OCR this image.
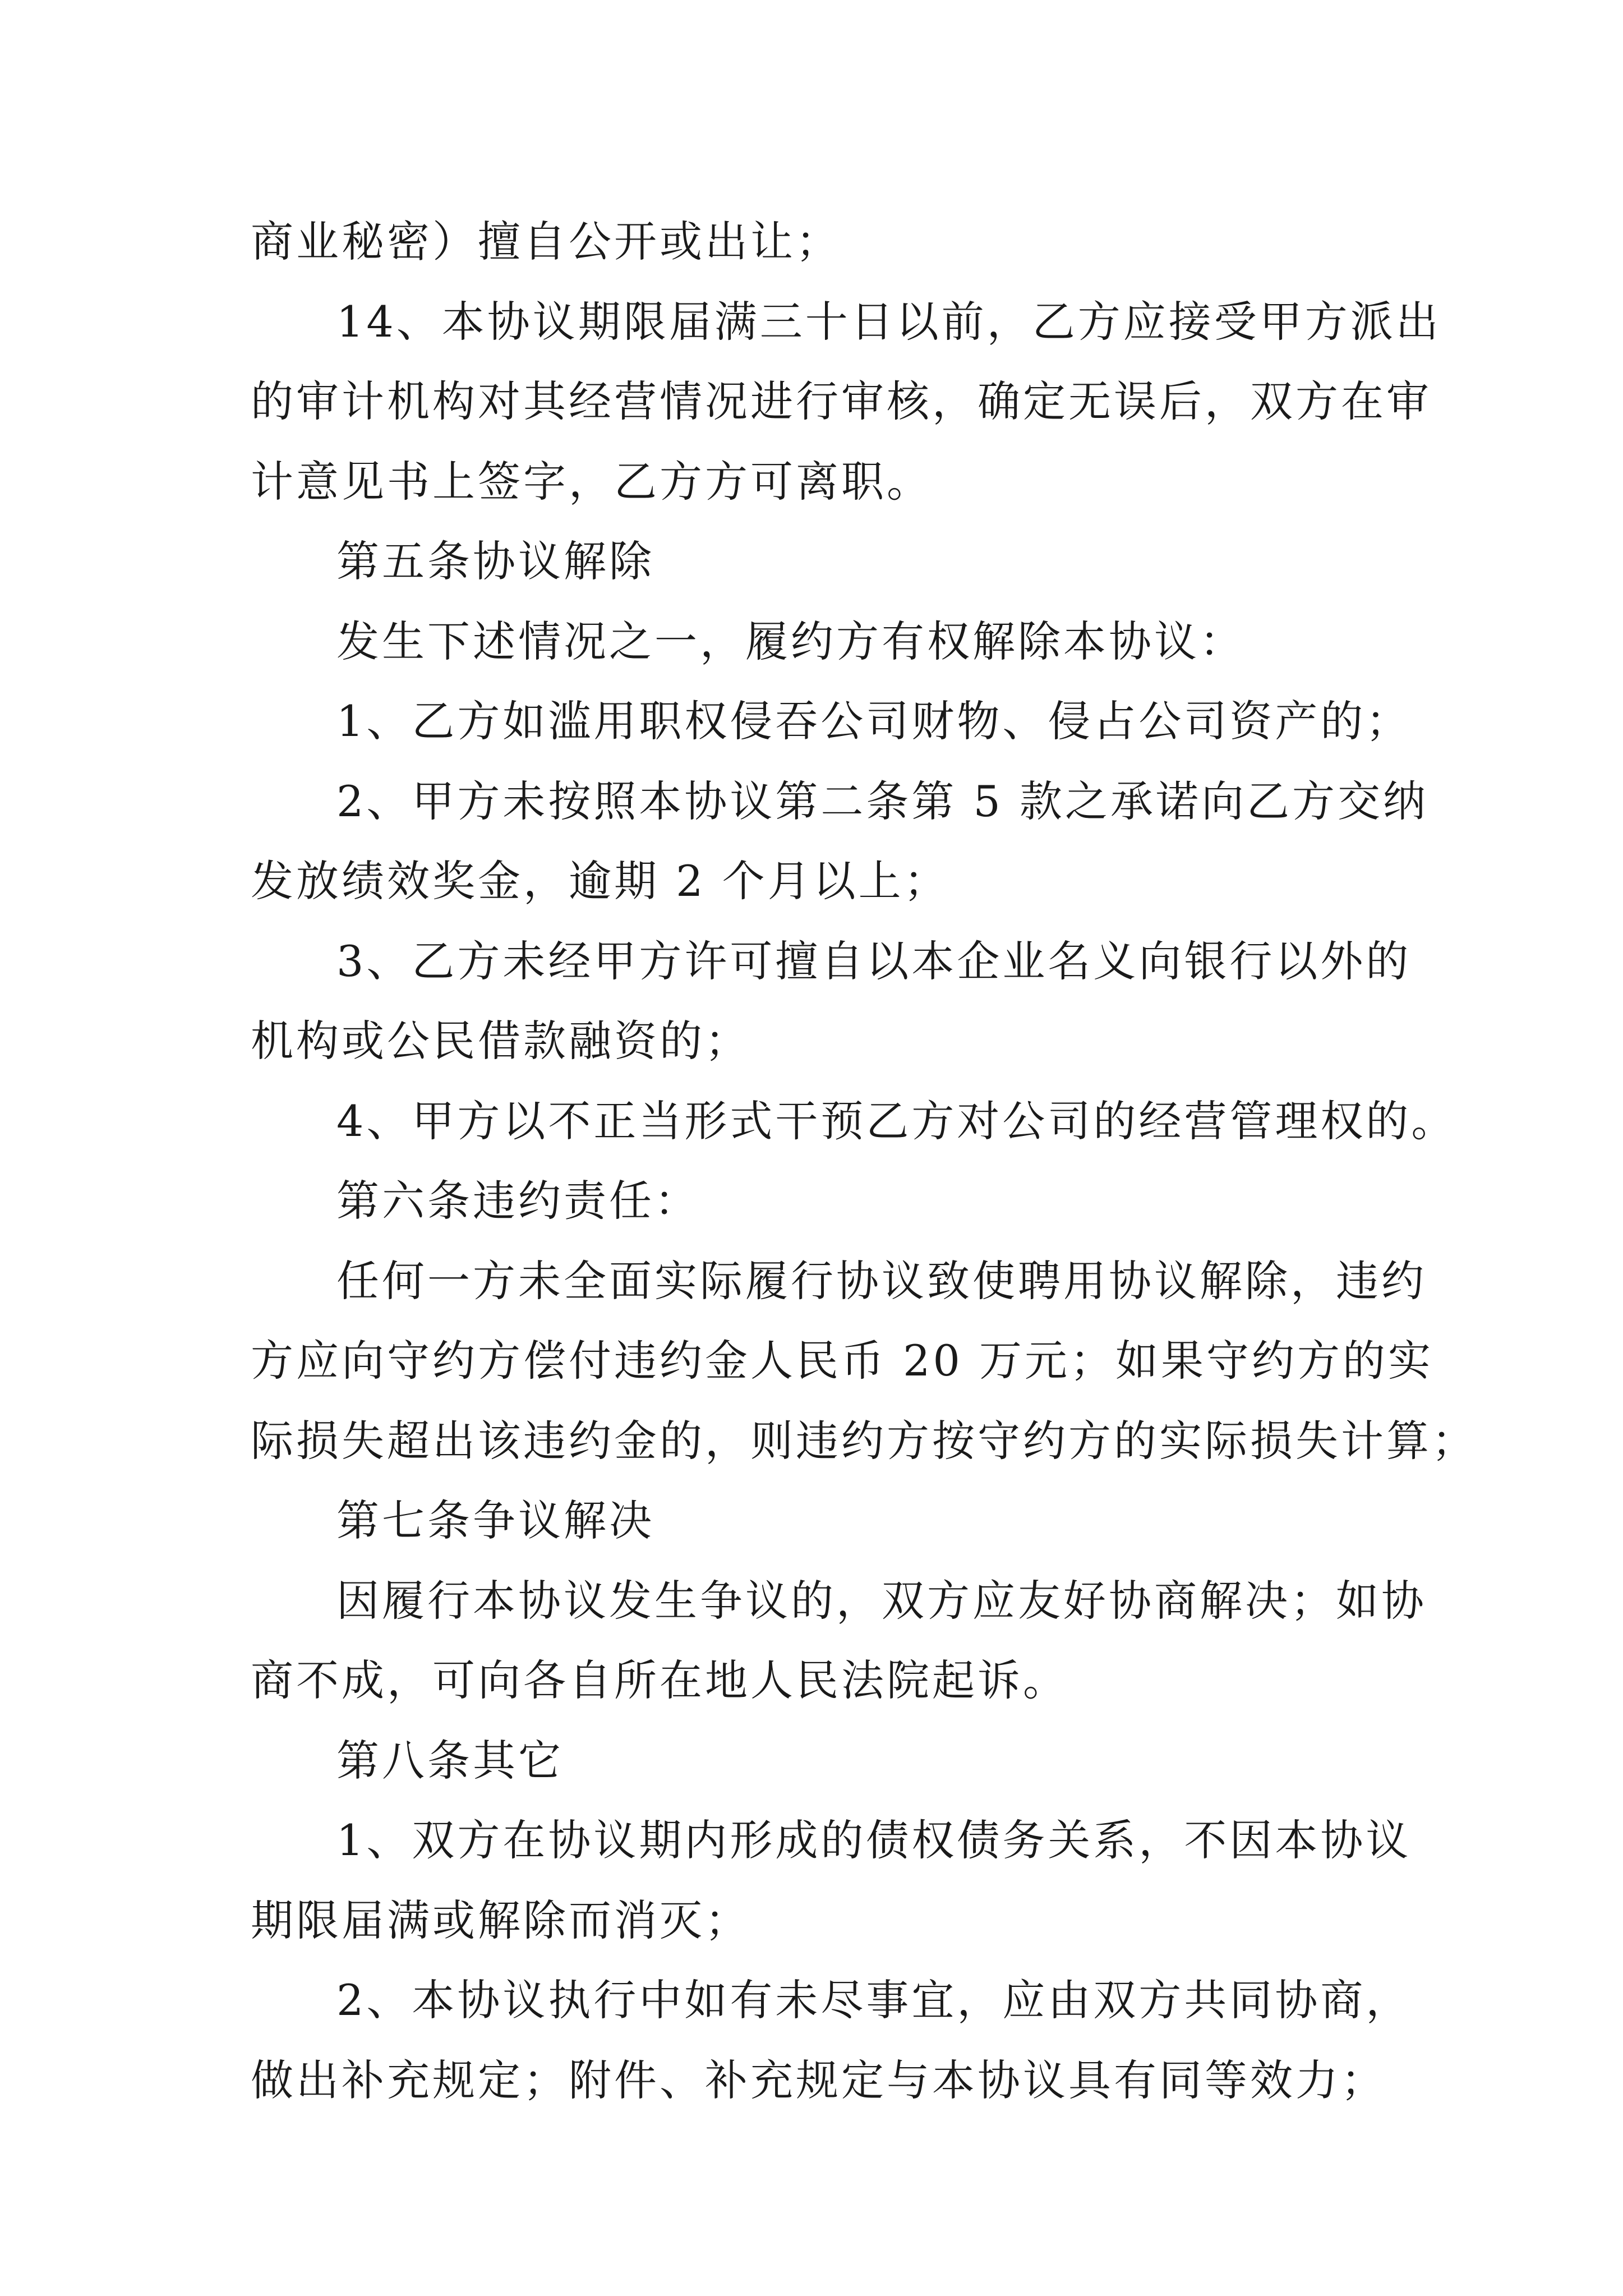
商业秘密）擅自公开或出让；
14、本协议期限届满三十日以前，乙方应接受甲方派出
的审计机构对其经营情况进行审核，确定无误后，双方在审
计意见书上签字，乙方方可离职。
第五条协议解除
发生下述情况之一，履约方有权解除本协议：
1、乙方如滥用职权侵吞公司财物、侵占公司资产的；
2、甲方未按照本协议第二条第 5 款之承诺向乙方交纳
发放绩效奖金，逾期 2 个月以上；
3、乙方未经甲方许可擅自以本企业名义向银行以外的
机构或公民借款融资的；
4、甲方以不正当形式干预乙方对公司的经营管理权的。
第六条违约责任：
任何一方未全面实际履行协议致使聘用协议解除，违约
方应向守约方偿付违约金人民币 20 万元；如果守约方的实
际损失超出该违约金的，则违约方按守约方的实际损失计算；
第七条争议解决
因履行本协议发生争议的，双方应友好协商解决；如协
商不成，可向各自所在地人民法院起诉。
第八条其它
1、双方在协议期内形成的债权债务关系，不因本协议
期限届满或解除而消灭；
2、本协议执行中如有未尽事宜，应由双方共同协商，
做出补充规定；附件、补充规定与本协议具有同等效力；
